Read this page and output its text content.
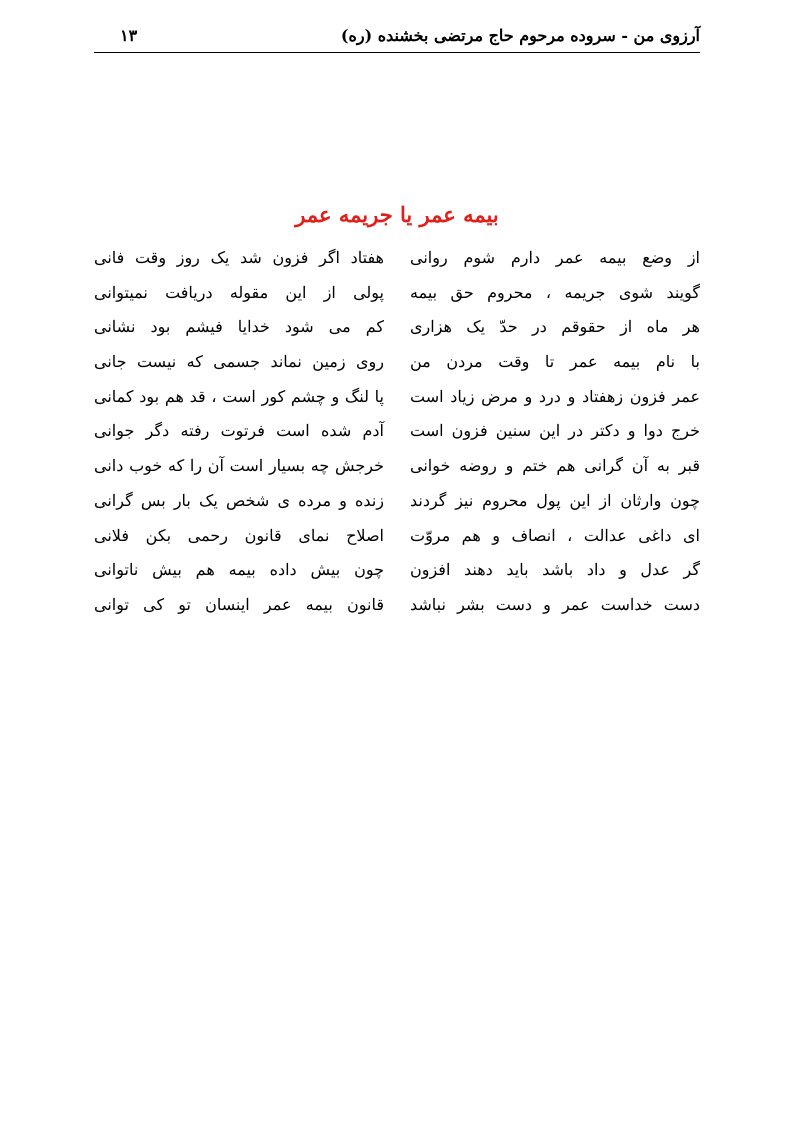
آرزوی من - سروده مرحوم حاج مرتضی بخشنده (ره)
۱۳
بیمه عمر یا جریمه عمر
از وضع بیمه عمر دارم شوم روانی
هفتاد اگر فزون شد یک روز وقت فانی
گویند شوی جریمه ، محروم حق بیمه
پولی از این مقوله دریافت نمیتوانی
هر ماه از حقوقم در حدّ یک هزاری
کم می شود خدایا فیشم بود نشانی
با نام بیمه عمر تا وقت مردن من
روی زمین نماند جسمی که نیست جانی
عمر فزون زهفتاد و درد و مرض زیاد است
پا لنگ و چشم کور است ، قد هم بود کمانی
خرج دوا و دکتر در این سنین فزون است
آدم شده است فرتوت رفته دگر جوانی
قبر به آن گرانی هم ختم و روضه خوانی
خرجش چه بسیار است آن را که خوب دانی
چون وارثان از این پول محروم نیز گردند
زنده و مرده ی شخص یک بار بس گرانی
ای داغی عدالت ، انصاف و هم مروّت
اصلاح نمای قانون رحمی بکن فلانی
گر عدل و داد باشد باید دهند افزون
چون بیش داده بیمه هم بیش ناتوانی
دست خداست عمر و دست بشر نباشد
قانون بیمه عمر اینسان تو کی توانی
